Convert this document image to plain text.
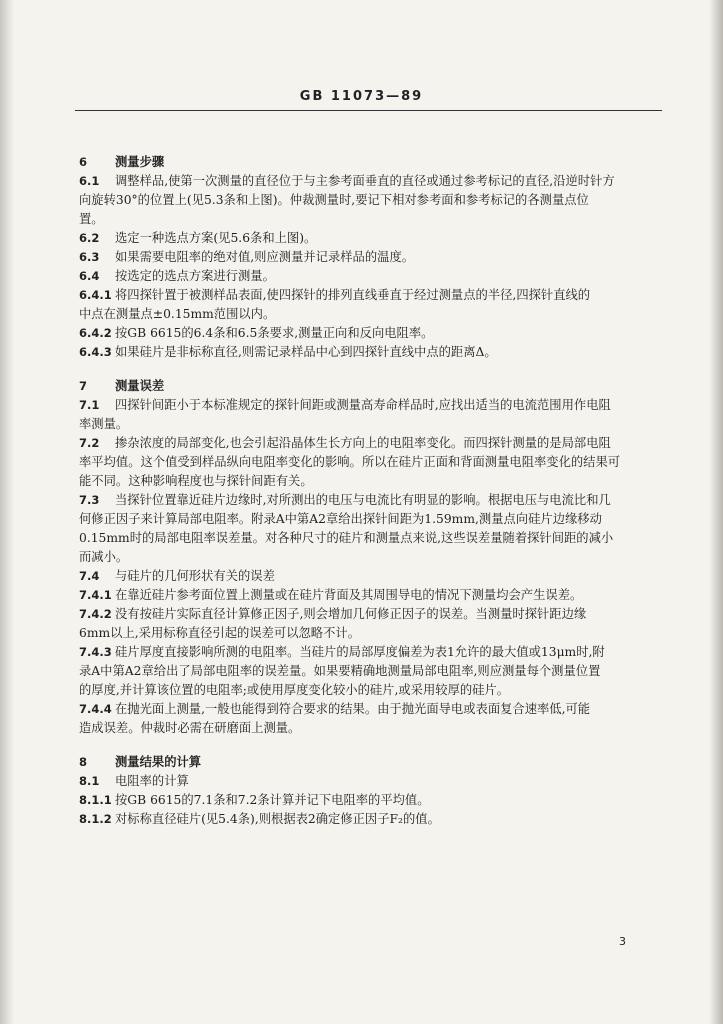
GB 11073—89
6 测量步骤
6.1 调整样品,使第一次测量的直径位于与主参考面垂直的直径或通过参考标记的直径,沿逆时针方
向旋转30°的位置上(见5.3条和上图)。仲裁测量时,要记下相对参考面和参考标记的各测量点位
置。
6.2 选定一种选点方案(见5.6条和上图)。
6.3 如果需要电阻率的绝对值,则应测量并记录样品的温度。
6.4 按选定的选点方案进行测量。
6.4.1 将四探针置于被测样品表面,使四探针的排列直线垂直于经过测量点的半径,四探针直线的
中点在测量点±0.15mm范围以内。
6.4.2 按GB 6615的6.4条和6.5条要求,测量正向和反向电阻率。
6.4.3 如果硅片是非标称直径,则需记录样品中心到四探针直线中点的距离Δ。
7 测量误差
7.1 四探针间距小于本标准规定的探针间距或测量高寿命样品时,应找出适当的电流范围用作电阻
率测量。
7.2 掺杂浓度的局部变化,也会引起沿晶体生长方向上的电阻率变化。而四探针测量的是局部电阻
率平均值。这个值受到样品纵向电阻率变化的影响。所以在硅片正面和背面测量电阻率变化的结果可
能不同。这种影响程度也与探针间距有关。
7.3 当探针位置靠近硅片边缘时,对所测出的电压与电流比有明显的影响。根据电压与电流比和几
何修正因子来计算局部电阻率。附录A中第A2章给出探针间距为1.59mm,测量点向硅片边缘移动
0.15mm时的局部电阻率误差量。对各种尺寸的硅片和测量点来说,这些误差量随着探针间距的减小
而减小。
7.4 与硅片的几何形状有关的误差
7.4.1 在靠近硅片参考面位置上测量或在硅片背面及其周围导电的情况下测量均会产生误差。
7.4.2 没有按硅片实际直径计算修正因子,则会增加几何修正因子的误差。当测量时探针距边缘
6mm以上,采用标称直径引起的误差可以忽略不计。
7.4.3 硅片厚度直接影响所测的电阻率。当硅片的局部厚度偏差为表1允许的最大值或13μm时,附
录A中第A2章给出了局部电阻率的误差量。如果要精确地测量局部电阻率,则应测量每个测量位置
的厚度,并计算该位置的电阻率;或使用厚度变化较小的硅片,或采用较厚的硅片。
7.4.4 在抛光面上测量,一般也能得到符合要求的结果。由于抛光面导电或表面复合速率低,可能
造成误差。仲裁时必需在研磨面上测量。
8 测量结果的计算
8.1 电阻率的计算
8.1.1 按GB 6615的7.1条和7.2条计算并记下电阻率的平均值。
8.1.2 对标称直径硅片(见5.4条),则根据表2确定修正因子F₂的值。
3
